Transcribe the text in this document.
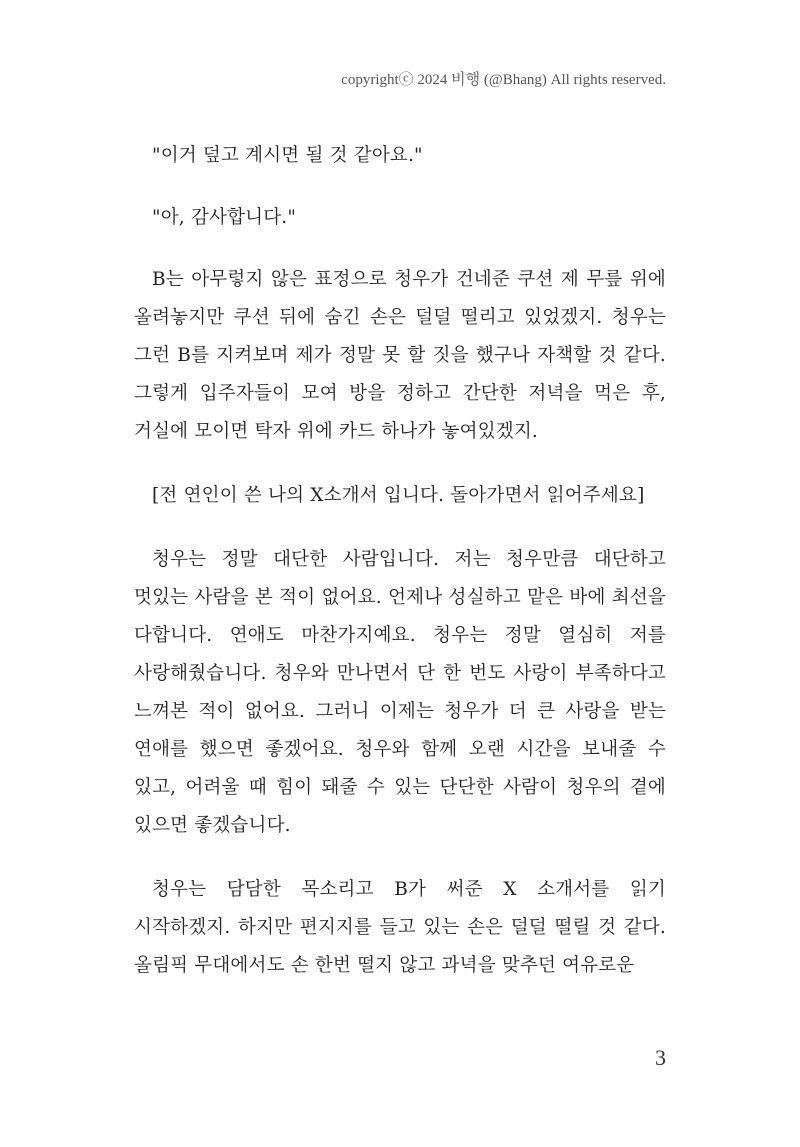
copyrightⓒ 2024 비행 (@Bhang) All rights reserved.

"이거 덮고 계시면 될 것 같아요."

"아, 감사합니다."

B는 아무렇지 않은 표정으로 청우가 건네준 쿠션 제 무릎 위에 올려놓지만 쿠션 뒤에 숨긴 손은 덜덜 떨리고 있었겠지. 청우는 그런 B를 지켜보며 제가 정말 못 할 짓을 했구나 자책할 것 같다. 그렇게 입주자들이 모여 방을 정하고 간단한 저녁을 먹은 후, 거실에 모이면 탁자 위에 카드 하나가 놓여있겠지.

[전 연인이 쓴 나의 X소개서 입니다. 돌아가면서 읽어주세요]

청우는 정말 대단한 사람입니다. 저는 청우만큼 대단하고 멋있는 사람을 본 적이 없어요. 언제나 성실하고 맡은 바에 최선을 다합니다. 연애도 마찬가지예요. 청우는 정말 열심히 저를 사랑해줬습니다. 청우와 만나면서 단 한 번도 사랑이 부족하다고 느껴본 적이 없어요. 그러니 이제는 청우가 더 큰 사랑을 받는 연애를 했으면 좋겠어요. 청우와 함께 오랜 시간을 보내줄 수 있고, 어려울 때 힘이 돼줄 수 있는 단단한 사람이 청우의 곁에 있으면 좋겠습니다.

청우는 담담한 목소리고 B가 써준 X 소개서를 읽기 시작하겠지. 하지만 편지지를 들고 있는 손은 덜덜 떨릴 것 같다. 올림픽 무대에서도 손 한번 떨지 않고 과녁을 맞추던 여유로운

3
